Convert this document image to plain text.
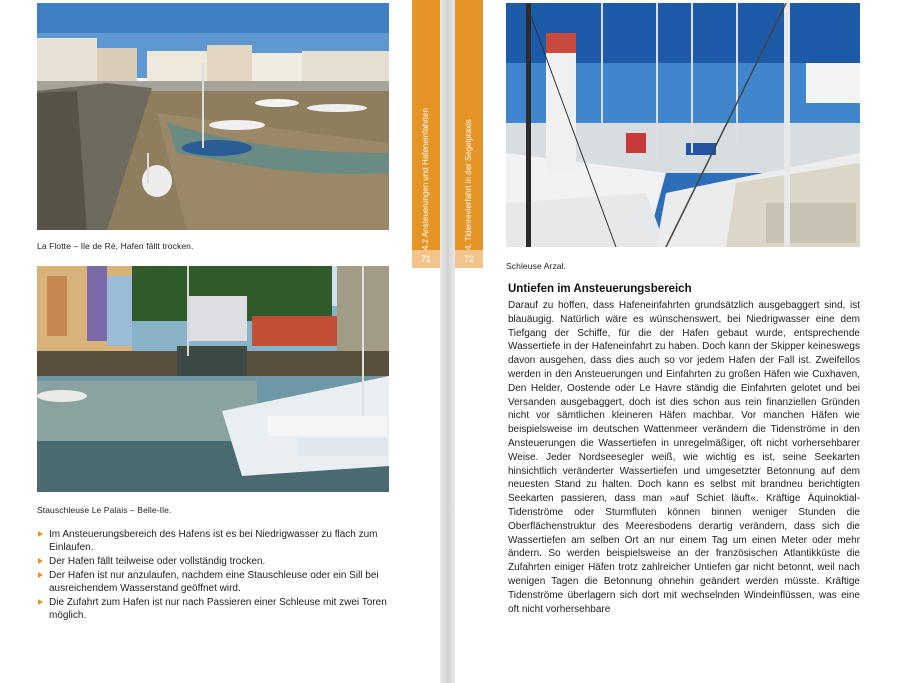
La Flotte – Ile de Ré, Hafen fällt trocken.
Stauschleuse Le Palais – Belle-Ile.
4.2 Ansteuerungen und Hafeneinfahrten
71
Im Ansteuerungsbereich des Hafens ist es bei Niedrigwasser zu flach zum Einlaufen.
Der Hafen fällt teilweise oder vollständig trocken.
Der Hafen ist nur anzulaufen, nachdem eine Stauschleuse oder ein Sill bei ausreichendem Wasserstand geöffnet wird.
Die Zufahrt zum Hafen ist nur nach Passieren einer Schleuse mit zwei Toren möglich.
4. Tidenrevierfahrt in der Segelpraxis
72
Schleuse Arzal.
Untiefen im Ansteuerungsbereich

Darauf zu hoffen, dass Hafeneinfahrten grundsätzlich ausgebaggert sind, ist blauäugig. Natürlich wäre es wünschenswert, bei Niedrigwasser eine dem Tiefgang der Schiffe, für die der Hafen gebaut wurde, entsprechende Wassertiefe in der Hafeneinfahrt zu haben. Doch kann der Skipper keineswegs davon ausgehen, dass dies auch so vor jedem Hafen der Fall ist. Zweifellos werden in den Ansteuerungen und Einfahrten zu großen Häfen wie Cuxhaven, Den Helder, Oostende oder Le Havre ständig die Einfahrten gelotet und bei Versanden ausgebaggert, doch ist dies schon aus rein finanziellen Gründen nicht vor sämtlichen kleineren Häfen machbar. Vor manchen Häfen wie beispielsweise im deutschen Wattenmeer verändern die Tidenströme in den Ansteuerungen die Wassertiefen in unregelmäßiger, oft nicht vorhersehbarer Weise. Jeder Nordseesegler weiß, wie wichtig es ist, seine Seekarten hinsichtlich veränderter Wassertiefen und umgesetzter Betonnung auf dem neuesten Stand zu halten. Doch kann es selbst mit brandneu berichtigten Seekarten passieren, dass man »auf Schiet läuft«. Kräftige Äquinoktial-Tidenströme oder Sturmfluten können binnen weniger Stunden die Oberflächenstruktur des Meeresbodens derartig verändern, dass sich die Wassertiefen am selben Ort an nur einem Tag um einen Meter oder mehr ändern. So werden beispielsweise an der französischen Atlantikküste die Zufahrten einiger Häfen trotz zahlreicher Untiefen gar nicht betonnt, weil nach wenigen Tagen die Betonnung ohnehin geändert werden müsste. Kräftige Tidenströme überlagern sich dort mit wechselnden Windeinflüssen, was eine oft nicht vorhersehbare
